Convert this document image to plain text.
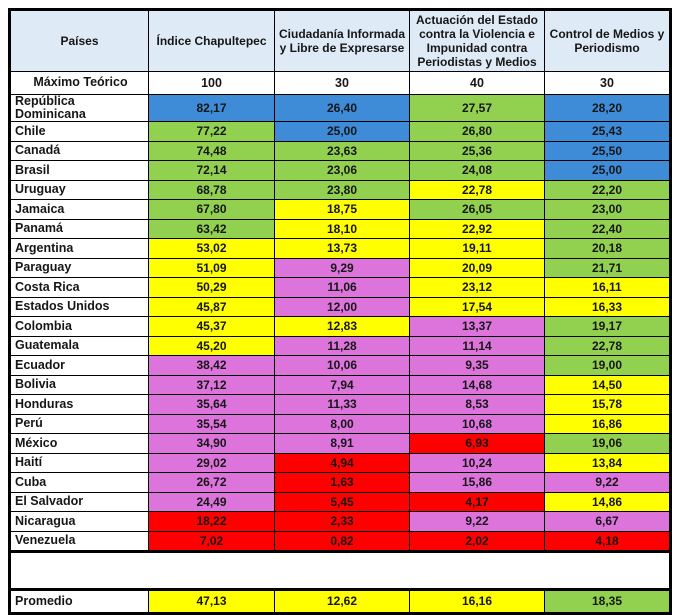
Países	Índice Chapultepec	Ciudadanía Informada y Libre de Expresarse	Actuación del Estado contra la Violencia e Impunidad contra Periodistas y Medios	Control de Medios y Periodismo
Máximo Teórico	100	30	40	30
República Dominicana	82,17	26,40	27,57	28,20
Chile	77,22	25,00	26,80	25,43
Canadá	74,48	23,63	25,36	25,50
Brasil	72,14	23,06	24,08	25,00
Uruguay	68,78	23,80	22,78	22,20
Jamaica	67,80	18,75	26,05	23,00
Panamá	63,42	18,10	22,92	22,40
Argentina	53,02	13,73	19,11	20,18
Paraguay	51,09	9,29	20,09	21,71
Costa Rica	50,29	11,06	23,12	16,11
Estados Unidos	45,87	12,00	17,54	16,33
Colombia	45,37	12,83	13,37	19,17
Guatemala	45,20	11,28	11,14	22,78
Ecuador	38,42	10,06	9,35	19,00
Bolivia	37,12	7,94	14,68	14,50
Honduras	35,64	11,33	8,53	15,78
Perú	35,54	8,00	10,68	16,86
México	34,90	8,91	6,93	19,06
Haití	29,02	4,94	10,24	13,84
Cuba	26,72	1,63	15,86	9,22
El Salvador	24,49	5,45	4,17	14,86
Nicaragua	18,22	2,33	9,22	6,67
Venezuela	7,02	0,82	2,02	4,18

Promedio	47,13	12,62	16,16	18,35
